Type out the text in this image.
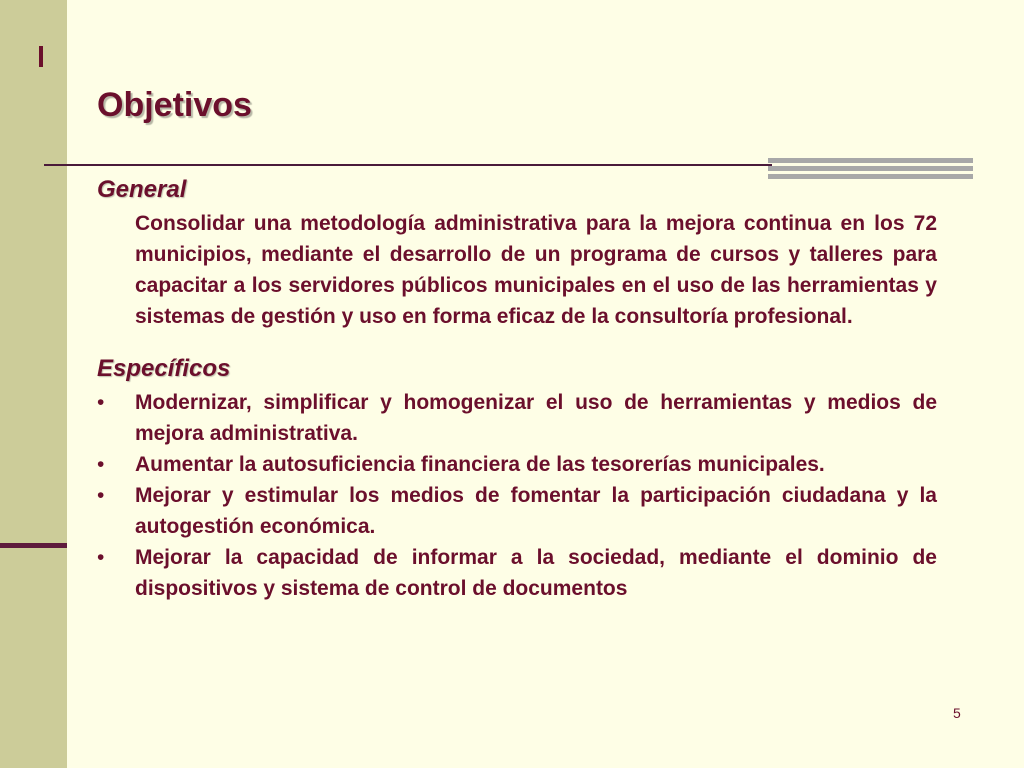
Objetivos

General

Consolidar una metodología administrativa para la mejora continua en los 72 municipios, mediante el desarrollo de un programa de cursos y talleres para capacitar a los servidores públicos municipales en el uso de las herramientas y sistemas de gestión y uso en forma eficaz de la consultoría profesional.

Específicos

• Modernizar, simplificar y homogenizar el uso de herramientas y medios de mejora administrativa.
• Aumentar la autosuficiencia financiera de las tesorerías municipales.
• Mejorar y estimular los medios de fomentar la participación ciudadana y la autogestión económica.
• Mejorar la capacidad de informar a la sociedad, mediante el dominio de dispositivos y sistema de control de documentos
5
